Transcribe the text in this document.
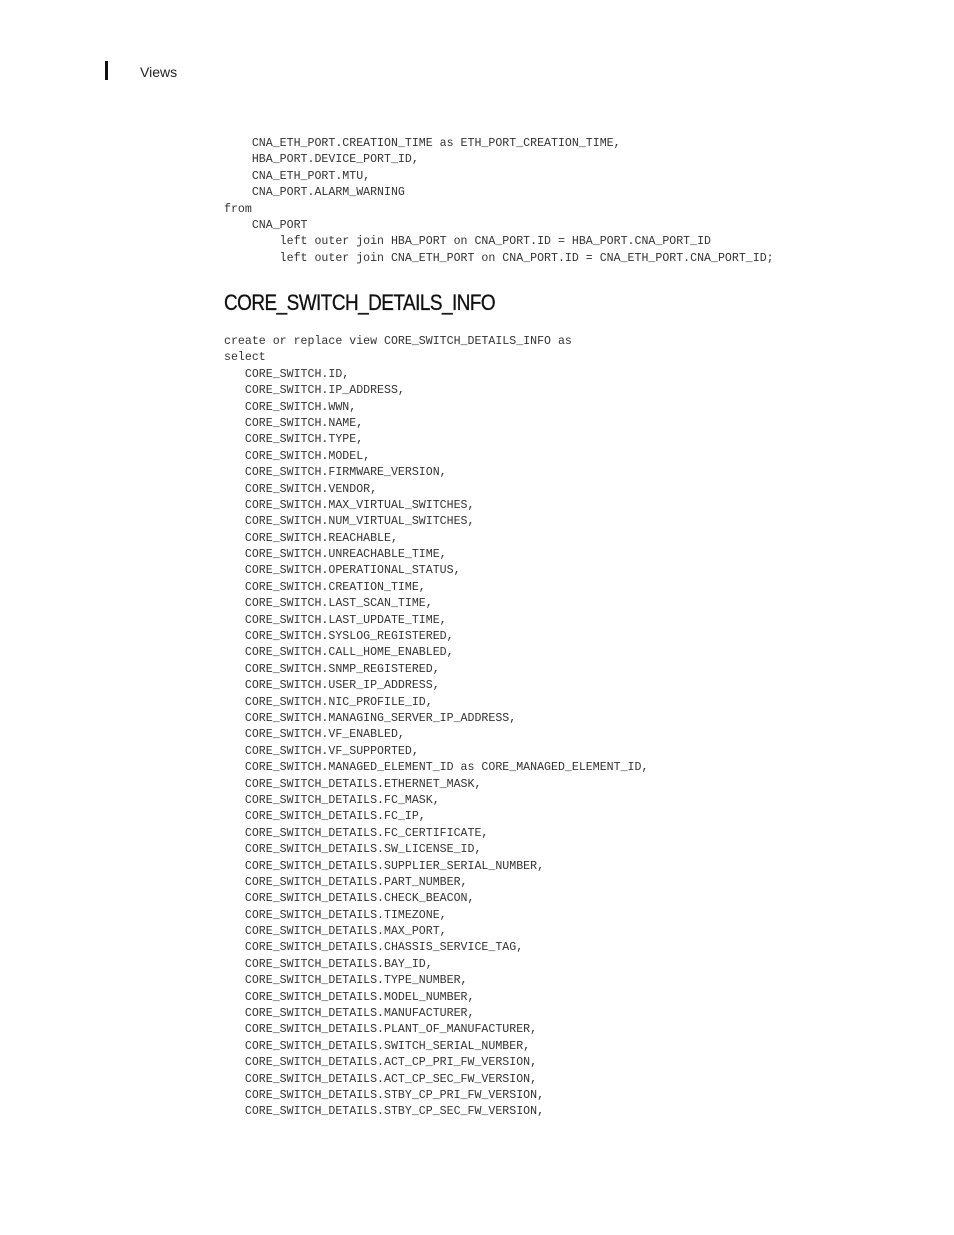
Views
CNA_ETH_PORT.CREATION_TIME as ETH_PORT_CREATION_TIME,
HBA_PORT.DEVICE_PORT_ID,
CNA_ETH_PORT.MTU,
CNA_PORT.ALARM_WARNING
from
CNA_PORT
left outer join HBA_PORT on CNA_PORT.ID = HBA_PORT.CNA_PORT_ID
left outer join CNA_ETH_PORT on CNA_PORT.ID = CNA_ETH_PORT.CNA_PORT_ID;
CORE_SWITCH_DETAILS_INFO
create or replace view CORE_SWITCH_DETAILS_INFO as
select
CORE_SWITCH.ID,
CORE_SWITCH.IP_ADDRESS,
CORE_SWITCH.WWN,
CORE_SWITCH.NAME,
CORE_SWITCH.TYPE,
CORE_SWITCH.MODEL,
CORE_SWITCH.FIRMWARE_VERSION,
CORE_SWITCH.VENDOR,
CORE_SWITCH.MAX_VIRTUAL_SWITCHES,
CORE_SWITCH.NUM_VIRTUAL_SWITCHES,
CORE_SWITCH.REACHABLE,
CORE_SWITCH.UNREACHABLE_TIME,
CORE_SWITCH.OPERATIONAL_STATUS,
CORE_SWITCH.CREATION_TIME,
CORE_SWITCH.LAST_SCAN_TIME,
CORE_SWITCH.LAST_UPDATE_TIME,
CORE_SWITCH.SYSLOG_REGISTERED,
CORE_SWITCH.CALL_HOME_ENABLED,
CORE_SWITCH.SNMP_REGISTERED,
CORE_SWITCH.USER_IP_ADDRESS,
CORE_SWITCH.NIC_PROFILE_ID,
CORE_SWITCH.MANAGING_SERVER_IP_ADDRESS,
CORE_SWITCH.VF_ENABLED,
CORE_SWITCH.VF_SUPPORTED,
CORE_SWITCH.MANAGED_ELEMENT_ID as CORE_MANAGED_ELEMENT_ID,
CORE_SWITCH_DETAILS.ETHERNET_MASK,
CORE_SWITCH_DETAILS.FC_MASK,
CORE_SWITCH_DETAILS.FC_IP,
CORE_SWITCH_DETAILS.FC_CERTIFICATE,
CORE_SWITCH_DETAILS.SW_LICENSE_ID,
CORE_SWITCH_DETAILS.SUPPLIER_SERIAL_NUMBER,
CORE_SWITCH_DETAILS.PART_NUMBER,
CORE_SWITCH_DETAILS.CHECK_BEACON,
CORE_SWITCH_DETAILS.TIMEZONE,
CORE_SWITCH_DETAILS.MAX_PORT,
CORE_SWITCH_DETAILS.CHASSIS_SERVICE_TAG,
CORE_SWITCH_DETAILS.BAY_ID,
CORE_SWITCH_DETAILS.TYPE_NUMBER,
CORE_SWITCH_DETAILS.MODEL_NUMBER,
CORE_SWITCH_DETAILS.MANUFACTURER,
CORE_SWITCH_DETAILS.PLANT_OF_MANUFACTURER,
CORE_SWITCH_DETAILS.SWITCH_SERIAL_NUMBER,
CORE_SWITCH_DETAILS.ACT_CP_PRI_FW_VERSION,
CORE_SWITCH_DETAILS.ACT_CP_SEC_FW_VERSION,
CORE_SWITCH_DETAILS.STBY_CP_PRI_FW_VERSION,
CORE_SWITCH_DETAILS.STBY_CP_SEC_FW_VERSION,
